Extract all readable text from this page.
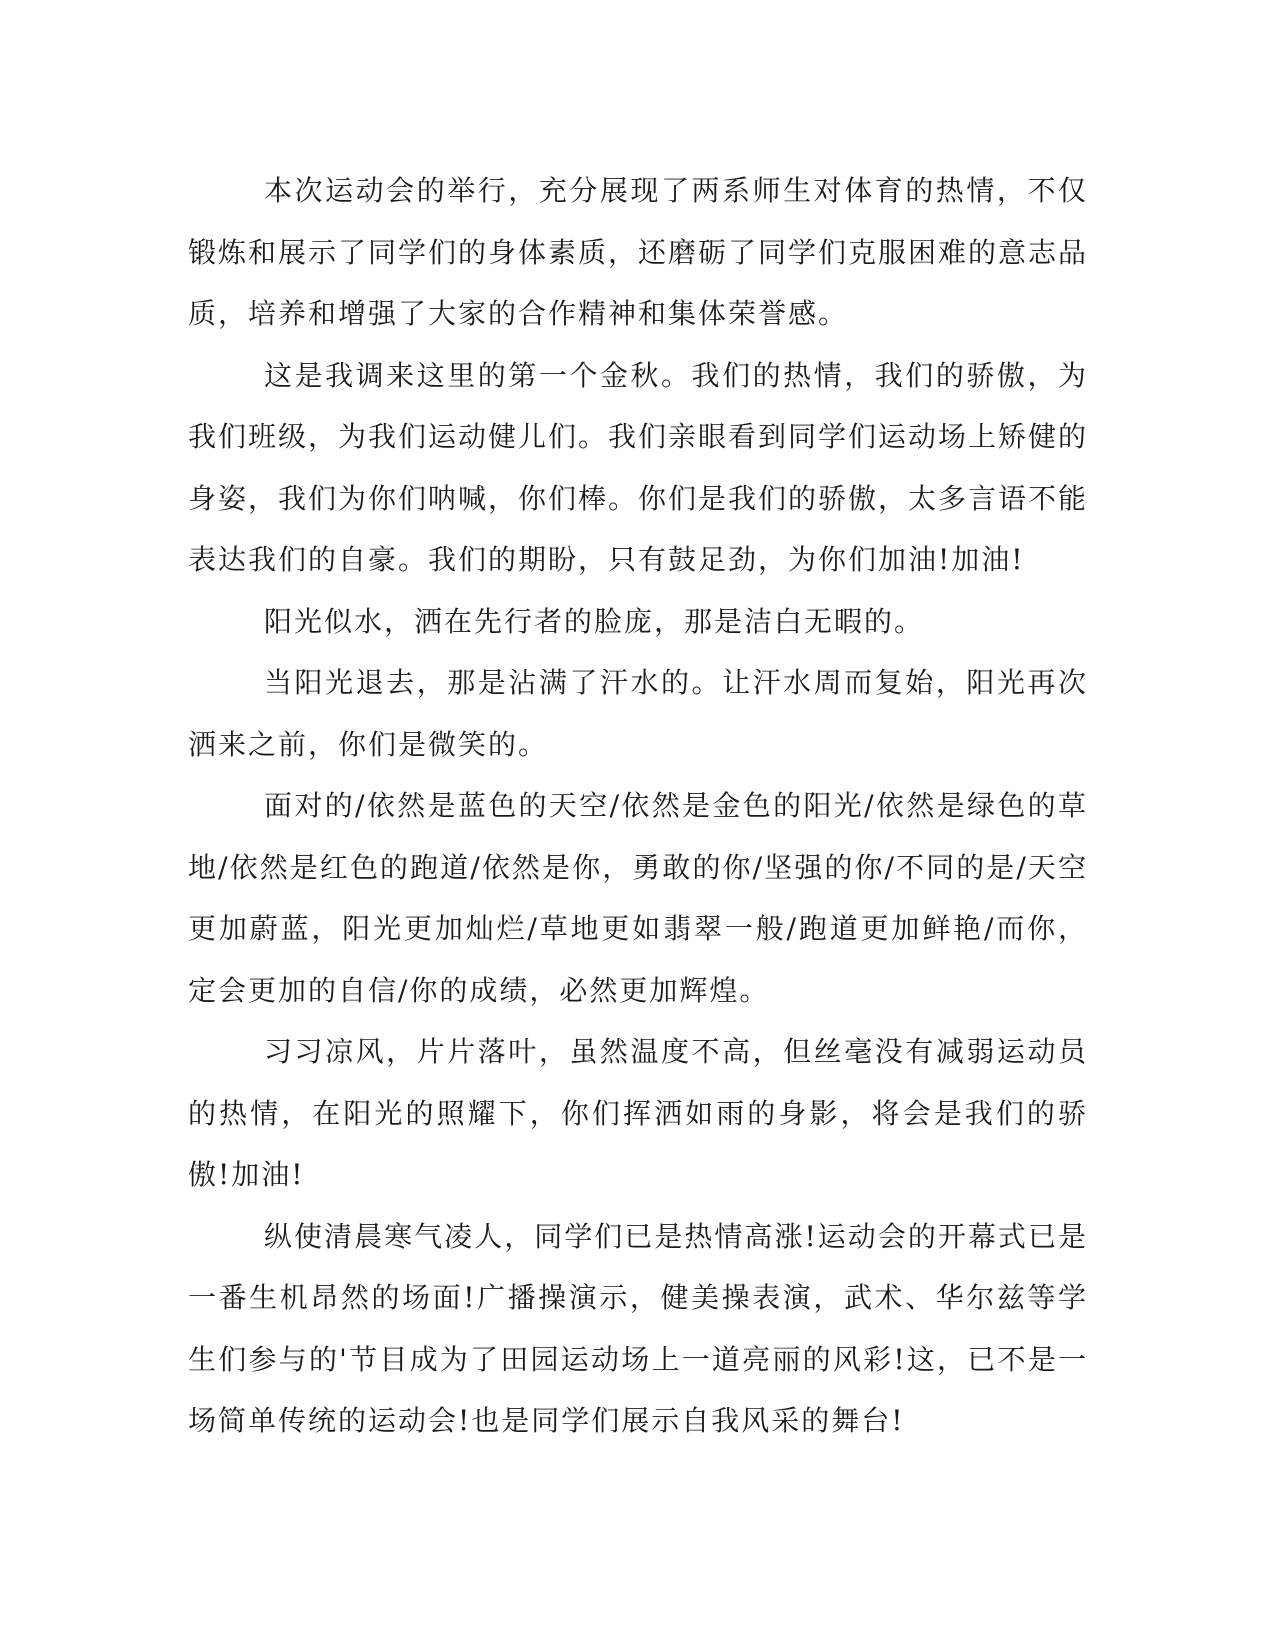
本次运动会的举行，充分展现了两系师生对体育的热情，不仅锻炼和展示了同学们的身体素质，还磨砺了同学们克服困难的意志品质，培养和增强了大家的合作精神和集体荣誉感。

这是我调来这里的第一个金秋。我们的热情，我们的骄傲，为我们班级，为我们运动健儿们。我们亲眼看到同学们运动场上矫健的身姿，我们为你们呐喊，你们棒。你们是我们的骄傲，太多言语不能表达我们的自豪。我们的期盼，只有鼓足劲，为你们加油!加油!

阳光似水，洒在先行者的脸庞，那是洁白无暇的。

当阳光退去，那是沾满了汗水的。让汗水周而复始，阳光再次洒来之前，你们是微笑的。

面对的/依然是蓝色的天空/依然是金色的阳光/依然是绿色的草地/依然是红色的跑道/依然是你，勇敢的你/坚强的你/不同的是/天空更加蔚蓝，阳光更加灿烂/草地更如翡翠一般/跑道更加鲜艳/而你，定会更加的自信/你的成绩，必然更加辉煌。

习习凉风，片片落叶，虽然温度不高，但丝毫没有减弱运动员的热情，在阳光的照耀下，你们挥洒如雨的身影，将会是我们的骄傲!加油!

纵使清晨寒气凌人，同学们已是热情高涨!运动会的开幕式已是一番生机昂然的场面!广播操演示，健美操表演，武术、华尔兹等学生们参与的'节目成为了田园运动场上一道亮丽的风彩!这，已不是一场简单传统的运动会!也是同学们展示自我风采的舞台!
